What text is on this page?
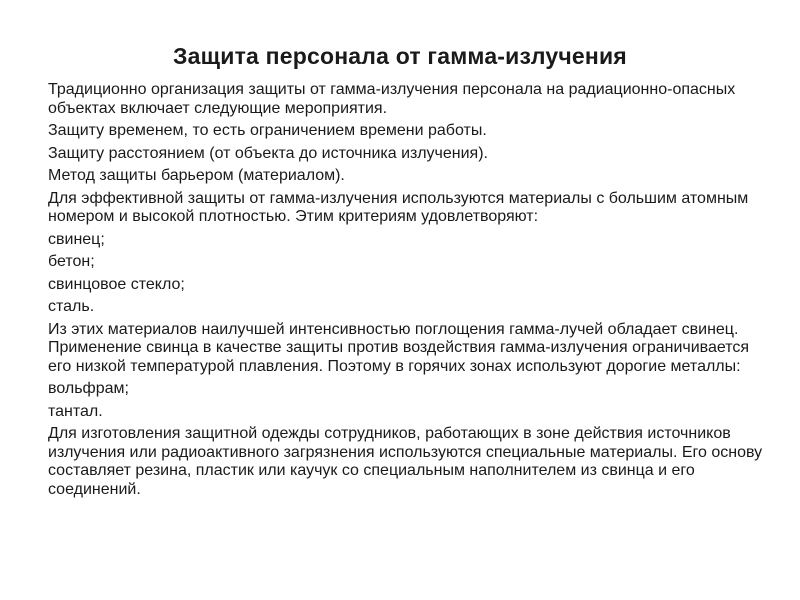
Защита персонала от гамма-излучения

Традиционно организация защиты от гамма-излучения персонала на радиационно-опасных объектах включает следующие мероприятия.

Защиту временем, то есть ограничением времени работы.

Защиту расстоянием (от объекта до источника излучения).

Метод защиты барьером (материалом).

Для эффективной защиты от гамма-излучения используются материалы с большим атомным номером и высокой плотностью. Этим критериям удовлетворяют:

свинец;

бетон;

свинцовое стекло;

сталь.

Из этих материалов наилучшей интенсивностью поглощения гамма-лучей обладает свинец. Применение свинца в качестве защиты против воздействия гамма-излучения ограничивается его низкой температурой плавления. Поэтому в горячих зонах используют дорогие металлы:

вольфрам;

тантал.

Для изготовления защитной одежды сотрудников, работающих в зоне действия источников излучения или радиоактивного загрязнения используются специальные материалы. Его основу составляет резина, пластик или каучук со специальным наполнителем из свинца и его соединений.
